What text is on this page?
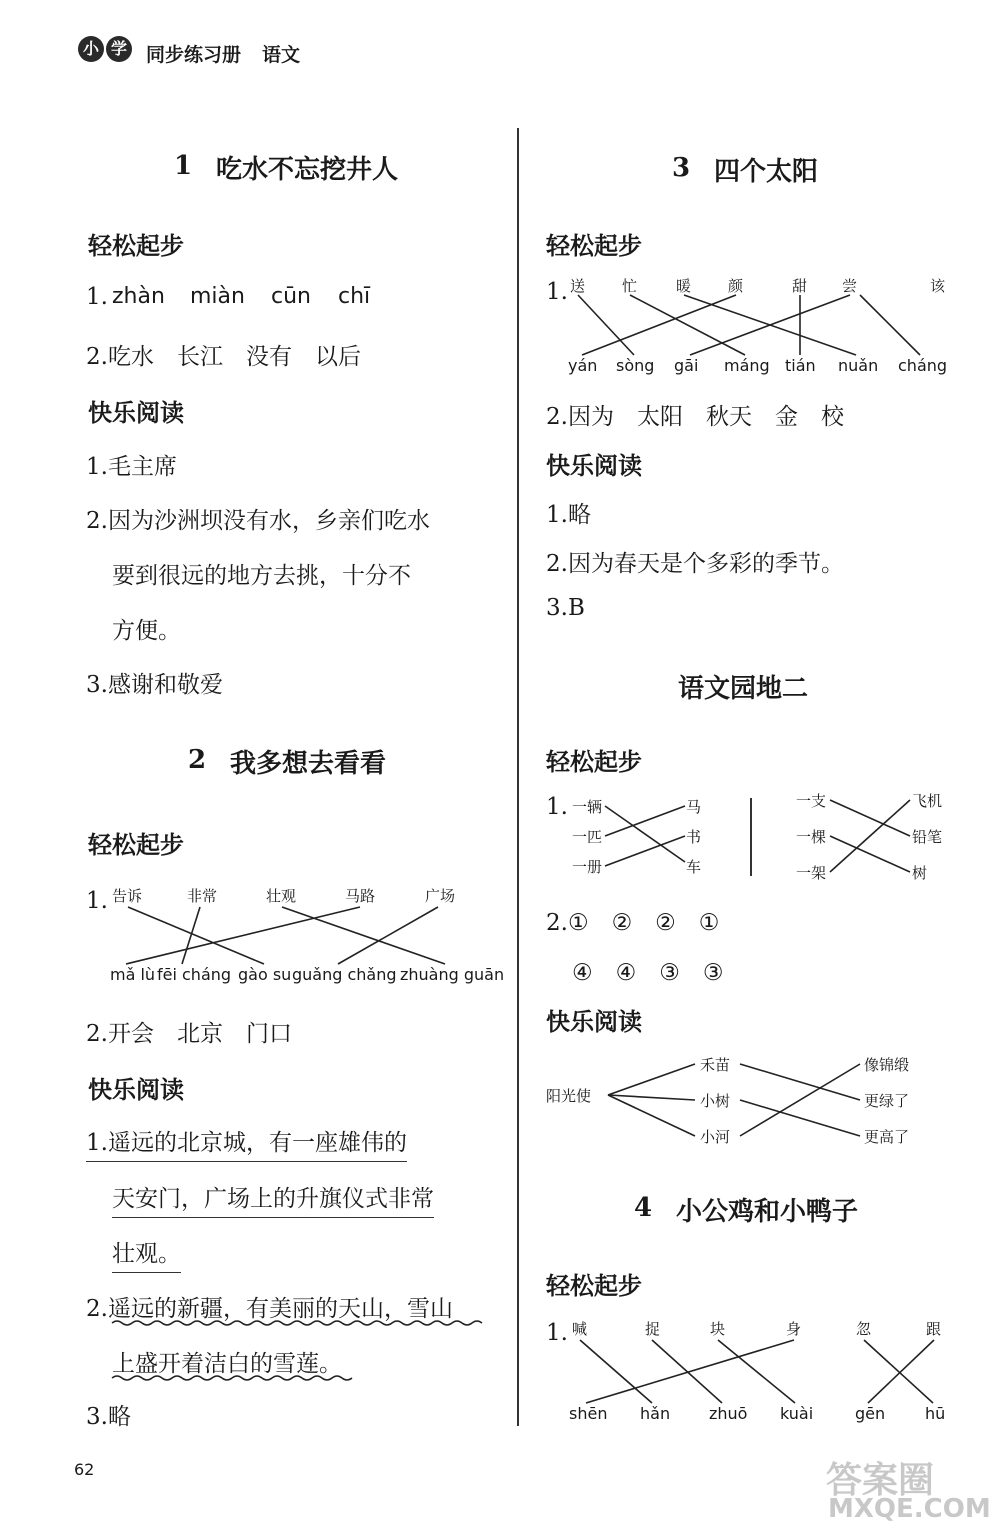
小 学	同步练习册 语文
1 吃水不忘挖井人
轻松起步
1. zhàn miàn cūn chī
2.吃水　长江　没有　以后
快乐阅读
1.毛主席
2.因为沙洲坝没有水，乡亲们吃水
要到很远的地方去挑，十分不
方便。
3.感谢和敬爱
2 我多想去看看
轻松起步
1. 告诉	非常	壮观	马路	广场
mǎ lù fēi cháng gào su guǎng chǎng zhuàng guān
2.开会　北京　门口
快乐阅读
1.遥远的北京城，有一座雄伟的
天安门，广场上的升旗仪式非常
壮观。
2.遥远的新疆，有美丽的天山，雪山
上盛开着洁白的雪莲。
3.略
3 四个太阳
轻松起步
1. 送 忙	暖 颜	甜 尝	该
yán sòng gāi máng tián nuǎn cháng
2.因为　太阳　秋天　金　校
快乐阅读
1.略
2.因为春天是个多彩的季节。
3.B
语文园地二
轻松起步
1. 一辆
一匹
一册
马
书
车
一支
一棵
一架
飞机
铅笔
树
2.①　②　②　①
④　④　③　③
快乐阅读
阳光使
禾苗
小树
小河
像锦缎
更绿了
更高了
4 小公鸡和小鸭子
轻松起步
1. 喊	捉	块	身	忽	跟
shēn hǎn zhuō kuài	gēn hū
62	答案圈
MXQE.COM
